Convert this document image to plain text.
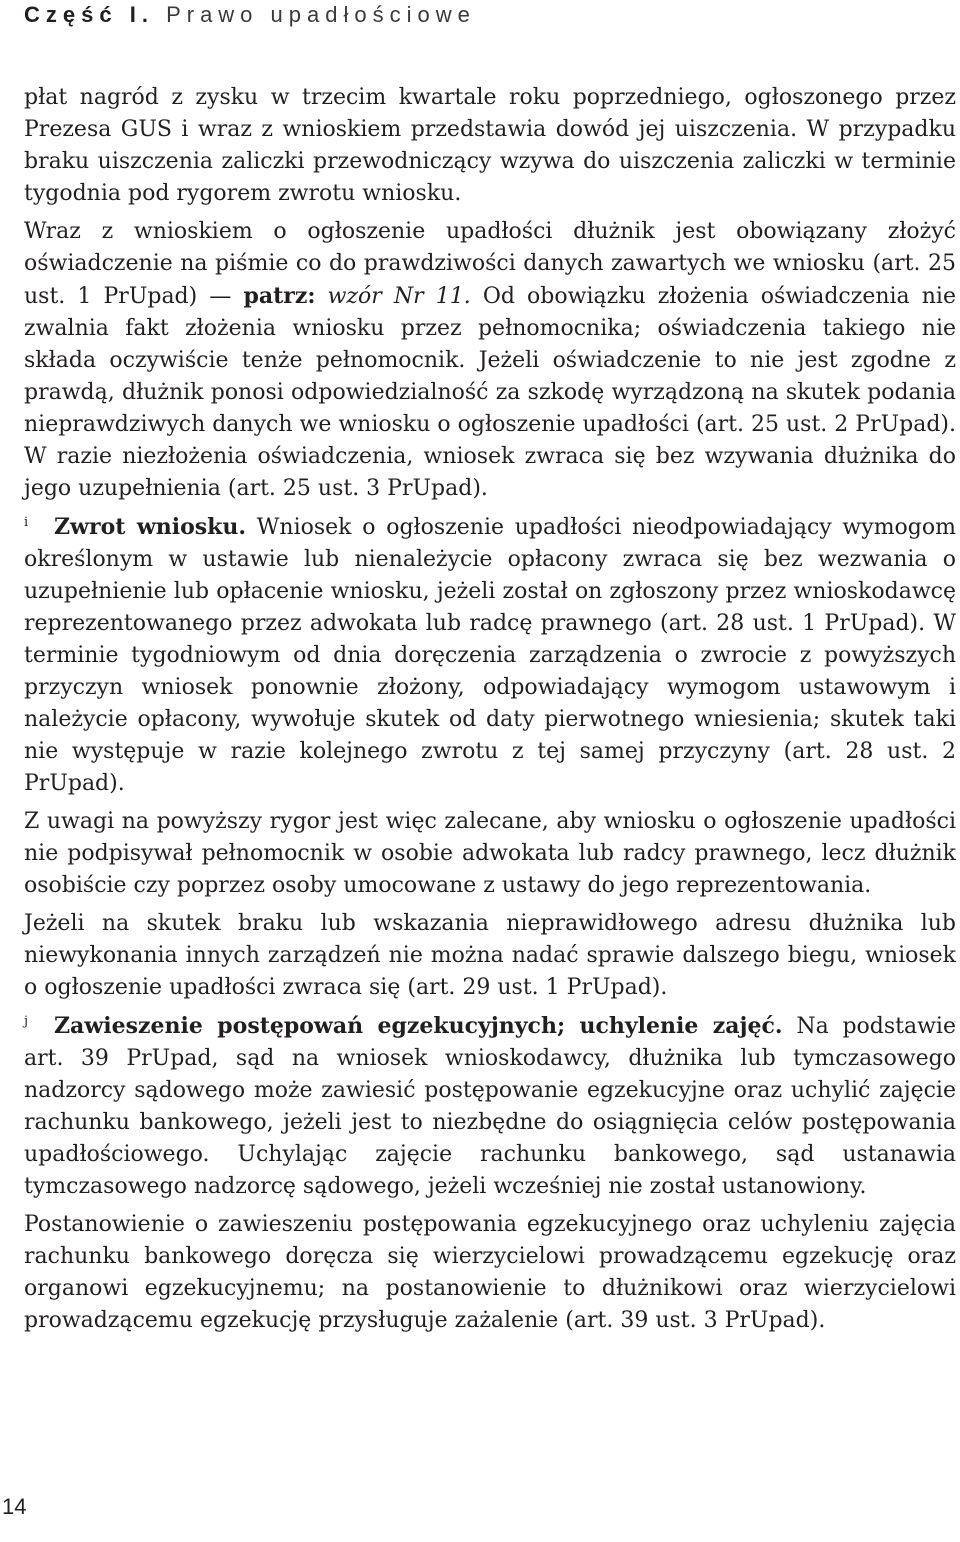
Część I. Prawo upadłościowe

płat nagród z zysku w trzecim kwartale roku poprzedniego, ogłoszonego przez Prezesa GUS i wraz z wnioskiem przedstawia dowód jej uiszczenia. W przypadku braku uiszczenia zaliczki przewodniczący wzywa do uiszczenia zaliczki w terminie tygodnia pod rygorem zwrotu wniosku.

Wraz z wnioskiem o ogłoszenie upadłości dłużnik jest obowiązany złożyć oświadczenie na piśmie co do prawdziwości danych zawartych we wniosku (art. 25 ust. 1 PrUpad) — patrz: wzór Nr 11. Od obowiązku złożenia oświadczenia nie zwalnia fakt złożenia wniosku przez pełnomocnika; oświadczenia takiego nie składa oczywiście tenże pełnomocnik. Jeżeli oświadczenie to nie jest zgodne z prawdą, dłużnik ponosi odpowiedzialność za szkodę wyrządzoną na skutek podania nieprawdziwych danych we wniosku o ogłoszenie upadłości (art. 25 ust. 2 PrUpad). W razie niezłożenia oświadczenia, wniosek zwraca się bez wzywania dłużnika do jego uzupełnienia (art. 25 ust. 3 PrUpad).

i Zwrot wniosku. Wniosek o ogłoszenie upadłości nieodpowiadający wymogom określonym w ustawie lub nienależycie opłacony zwraca się bez wezwania o uzupełnienie lub opłacenie wniosku, jeżeli został on zgłoszony przez wnioskodawcę reprezentowanego przez adwokata lub radcę prawnego (art. 28 ust. 1 PrUpad). W terminie tygodniowym od dnia doręczenia zarządzenia o zwrocie z powyższych przyczyn wniosek ponownie złożony, odpowiadający wymogom ustawowym i należycie opłacony, wywołuje skutek od daty pierwotnego wniesienia; skutek taki nie występuje w razie kolejnego zwrotu z tej samej przyczyny (art. 28 ust. 2 PrUpad).

Z uwagi na powyższy rygor jest więc zalecane, aby wniosku o ogłoszenie upadłości nie podpisywał pełnomocnik w osobie adwokata lub radcy prawnego, lecz dłużnik osobiście czy poprzez osoby umocowane z ustawy do jego reprezentowania.

Jeżeli na skutek braku lub wskazania nieprawidłowego adresu dłużnika lub niewykonania innych zarządzeń nie można nadać sprawie dalszego biegu, wniosek o ogłoszenie upadłości zwraca się (art. 29 ust. 1 PrUpad).

j Zawieszenie postępowań egzekucyjnych; uchylenie zajęć. Na podstawie art. 39 PrUpad, sąd na wniosek wnioskodawcy, dłużnika lub tymczasowego nadzorcy sądowego może zawiesić postępowanie egzekucyjne oraz uchylić zajęcie rachunku bankowego, jeżeli jest to niezbędne do osiągnięcia celów postępowania upadłościowego. Uchylając zajęcie rachunku bankowego, sąd ustanawia tymczasowego nadzorcę sądowego, jeżeli wcześniej nie został ustanowiony.

Postanowienie o zawieszeniu postępowania egzekucyjnego oraz uchyleniu zajęcia rachunku bankowego doręcza się wierzycielowi prowadzącemu egzekucję oraz organowi egzekucyjnemu; na postanowienie to dłużnikowi oraz wierzycielowi prowadzącemu egzekucję przysługuje zażalenie (art. 39 ust. 3 PrUpad).

14
